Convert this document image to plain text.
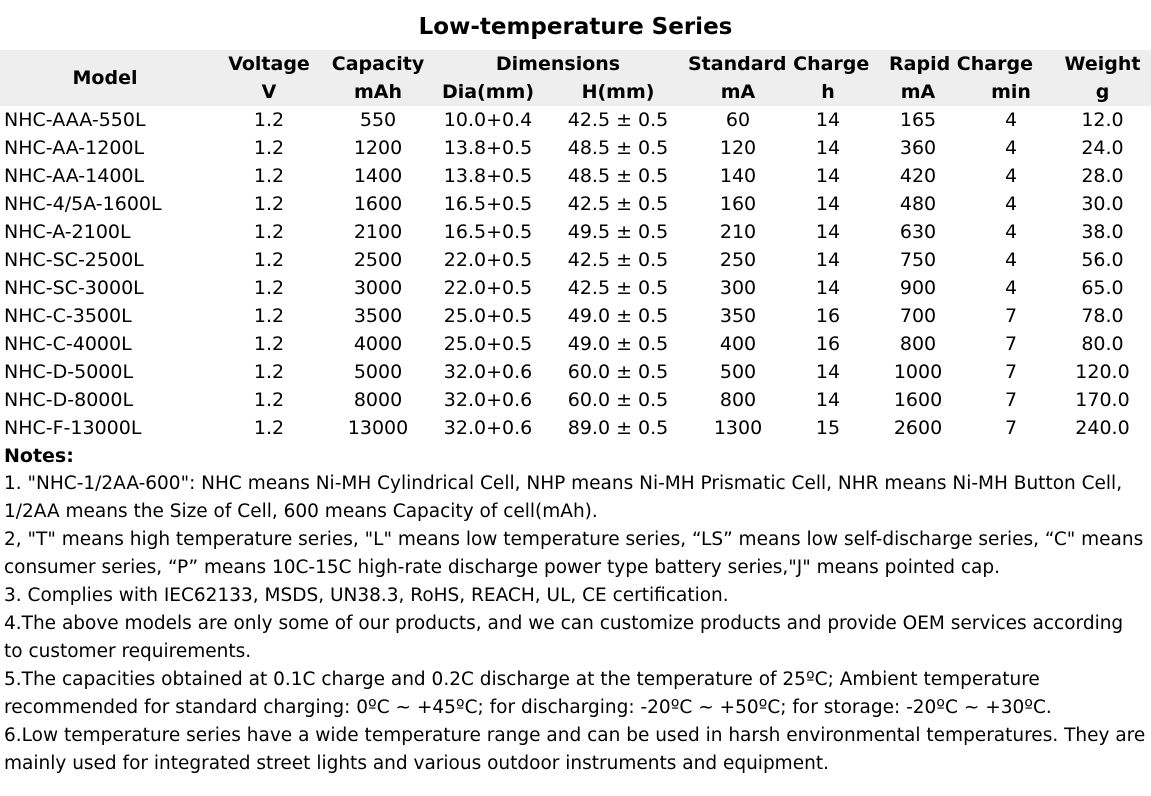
Low-temperature Series
Model	Voltage	Capacity	Dimensions		Standard Charge		Rapid Charge		Weight
	V	mAh	Dia(mm)	H(mm)	mA	h	mA	min	g
NHC-AAA-550L	1.2	550	10.0+0.4	42.5 ± 0.5	60	14	165	4	12.0
NHC-AA-1200L	1.2	1200	13.8+0.5	48.5 ± 0.5	120	14	360	4	24.0
NHC-AA-1400L	1.2	1400	13.8+0.5	48.5 ± 0.5	140	14	420	4	28.0
NHC-4/5A-1600L	1.2	1600	16.5+0.5	42.5 ± 0.5	160	14	480	4	30.0
NHC-A-2100L	1.2	2100	16.5+0.5	49.5 ± 0.5	210	14	630	4	38.0
NHC-SC-2500L	1.2	2500	22.0+0.5	42.5 ± 0.5	250	14	750	4	56.0
NHC-SC-3000L	1.2	3000	22.0+0.5	42.5 ± 0.5	300	14	900	4	65.0
NHC-C-3500L	1.2	3500	25.0+0.5	49.0 ± 0.5	350	16	700	7	78.0
NHC-C-4000L	1.2	4000	25.0+0.5	49.0 ± 0.5	400	16	800	7	80.0
NHC-D-5000L	1.2	5000	32.0+0.6	60.0 ± 0.5	500	14	1000	7	120.0
NHC-D-8000L	1.2	8000	32.0+0.6	60.0 ± 0.5	800	14	1600	7	170.0
NHC-F-13000L	1.2	13000	32.0+0.6	89.0 ± 0.5	1300	15	2600	7	240.0
Notes:

1. "NHC-1/2AA-600": NHC means Ni-MH Cylindrical Cell, NHP means Ni-MH Prismatic Cell, NHR means Ni-MH Button Cell, 1/2AA means the Size of Cell, 600 means Capacity of cell(mAh).

2, "T" means high temperature series, "L" means low temperature series, “LS” means low self-discharge series, “C" means consumer series, “P” means 10C-15C high-rate discharge power type battery series,"J" means pointed cap.

3. Complies with IEC62133, MSDS, UN38.3, RoHS, REACH, UL, CE certification.

4.The above models are only some of our products, and we can customize products and provide OEM services according to customer requirements.

5.The capacities obtained at 0.1C charge and 0.2C discharge at the temperature of 25ºC; Ambient temperature recommended for standard charging: 0ºC ~ +45ºC; for discharging: -20ºC ~ +50ºC; for storage: -20ºC ~ +30ºC.

6.Low temperature series have a wide temperature range and can be used in harsh environmental temperatures. They are mainly used for integrated street lights and various outdoor instruments and equipment.
